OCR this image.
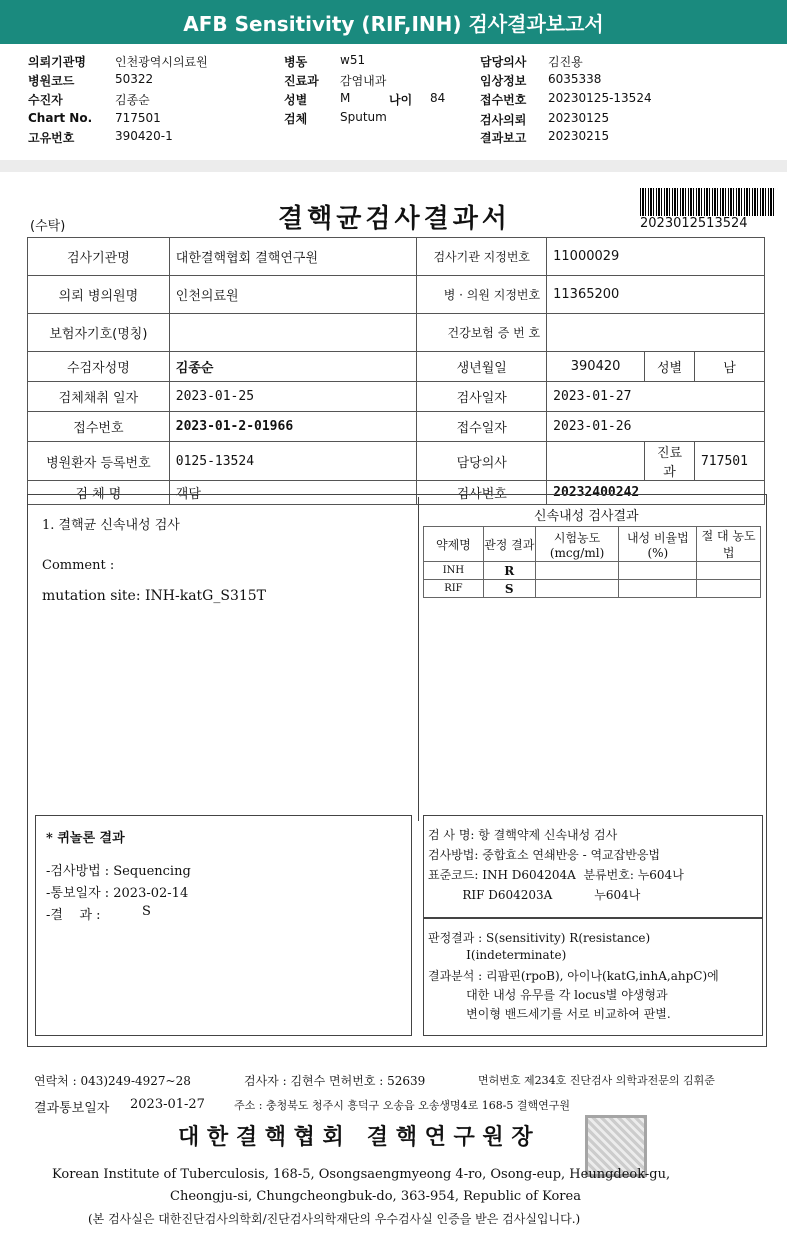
AFB Sensitivity (RIF,INH) 검사결과보고서
의뢰기관명 인천광역시의료원
병원코드	50322
수진자	김종순
Chart No. 717501
고유번호	390420-1
병동	w51
진료과 감염내과
성별	M	나이 84
검체	Sputum
담당의사 김진용
임상정보 6035338
접수번호 20230125-13524
검사의뢰 20230125
결과보고 20230215
(수탁)	결핵균검사결과서	2023012513524
검사기관명	대한결핵협회 결핵연구원	검사기관 지정번호	11000029		
의뢰 병의원명	인천의료원	병 · 의원 지정번호	11365200		
보험자기호(명칭)		건강보험 증 번 호			
수검자성명	김종순	생년월일	390420	성별	남
검체채취 일자	2023-01-25	검사일자	2023-01-27		
접수번호	2023-01-2-01966	접수일자	2023-01-26		
병원환자 등록번호	0125-13524	담당의사		진료과	717501
검 체 명	객담	검사번호	20232400242		
1. 결핵균 신속내성 검사
Comment :
mutation site: INH-katG_S315T
신속내성 검사결과
약제명	관정 결과	시험농도 (mcg/ml)	내성 비율법(%)	절 대 농도법
INH	R			
RIF	S			
* 퀴놀론 결과
-검사방법 : Sequencing
-통보일자 : 2023-02-14
-결    과 :	S
검 사 명: 항 결핵약제 신속내성 검사
검사방법: 중합효소 연쇄반응 - 역교잡반응법
표준코드: INH D604204A  분류번호: 누604나
RIF D604203A           누604나
판정결과 : S(sensitivity) R(resistance)
I(indeterminate)
결과분석 : 리팜핀(rpoB), 아이나(katG,inhA,ahpC)에
대한 내성 유무를 각 locus별 야생형과
변이형 밴드세기를 서로 비교하여 판별.
연락처 : 043)249-4927~28	검사자 : 김현수 면허번호 : 52639	면허번호 제234호 진단검사 의학과전문의 김휘준
결과통보일자 2023-01-27	주소 : 충청북도 청주시 흥덕구 오송읍 오송생명4로 168-5 결핵연구원
대 한 결 핵 협 회   결 핵 연 구 원 장
Korean Institute of Tuberculosis, 168-5, Osongsaengmyeong 4-ro, Osong-eup, Heungdeok-gu,
Cheongju-si, Chungcheongbuk-do, 363-954, Republic of Korea
(본 검사실은 대한진단검사의학회/진단검사의학재단의 우수검사실 인증을 받은 검사실입니다.)
